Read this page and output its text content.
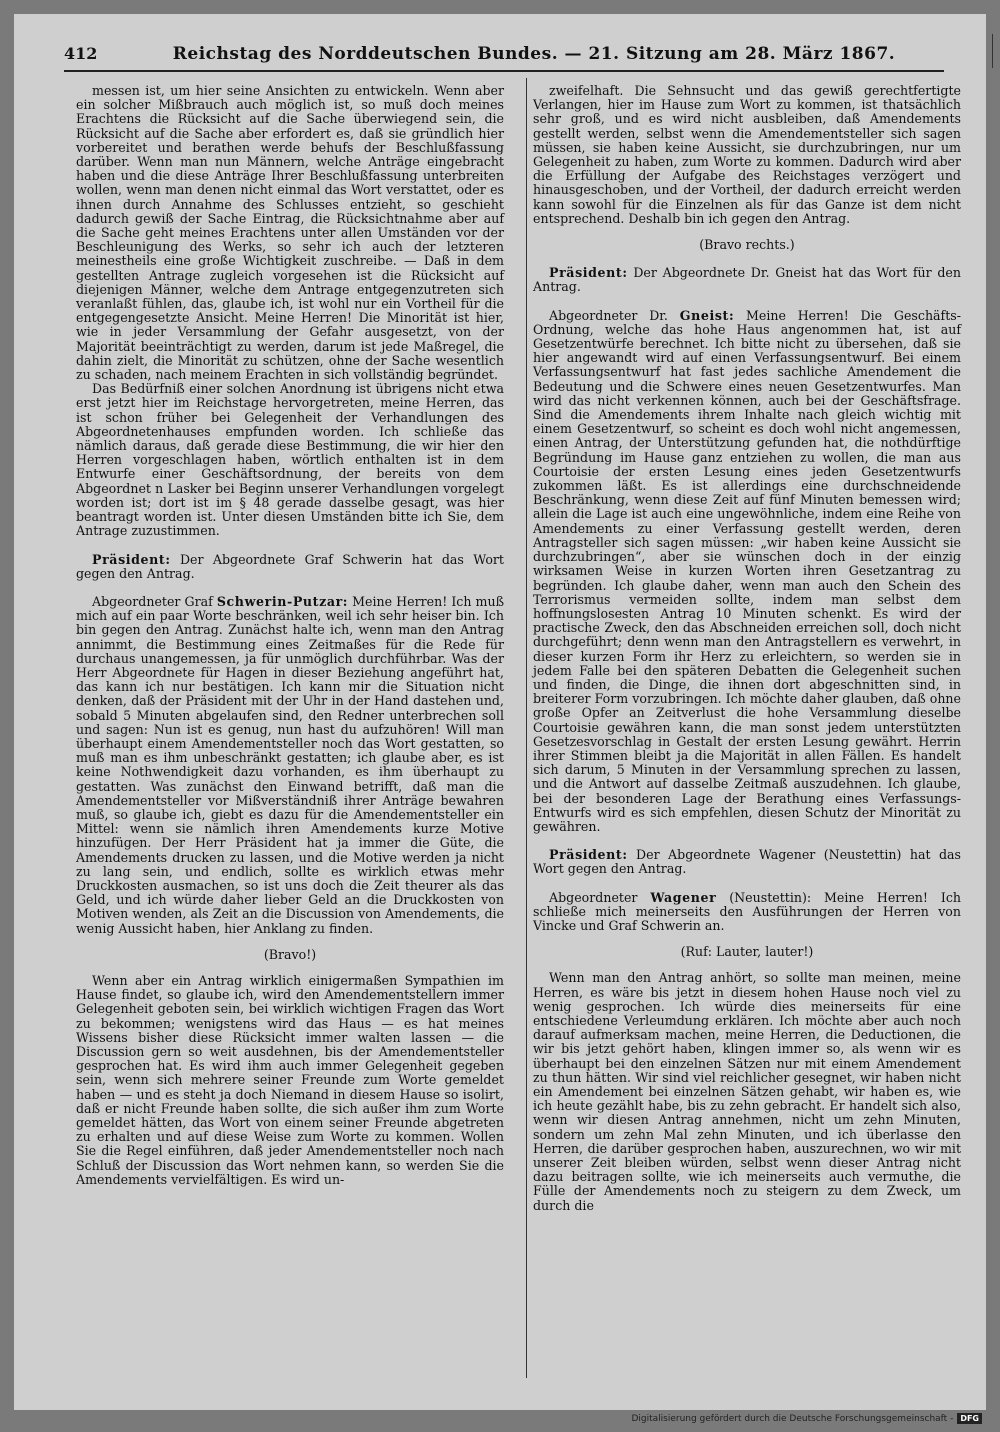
412	Reichstag des Norddeutschen Bundes. — 21. Sitzung am 28. März 1867.

messen ist, um hier seine Ansichten zu entwickeln. Wenn aber ein solcher Mißbrauch auch möglich ist, so muß doch meines Erachtens die Rücksicht auf die Sache überwiegend sein, die Rücksicht auf die Sache aber erfordert es, daß sie gründlich hier vorbereitet und berathen werde behufs der Beschlußfassung darüber. Wenn man nun Männern, welche Anträge eingebracht haben und die diese Anträge Ihrer Beschlußfassung unterbreiten wollen, wenn man denen nicht einmal das Wort verstattet, oder es ihnen durch Annahme des Schlusses entzieht, so geschieht dadurch gewiß der Sache Eintrag, die Rücksichtnahme aber auf die Sache geht meines Erachtens unter allen Umständen vor der Beschleunigung des Werks, so sehr ich auch der letzteren meinestheils eine große Wichtigkeit zuschreibe. — Daß in dem gestellten Antrage zugleich vorgesehen ist die Rücksicht auf diejenigen Männer, welche dem Antrage entgegenzutreten sich veranlaßt fühlen, das, glaube ich, ist wohl nur ein Vortheil für die entgegengesetzte Ansicht. Meine Herren! Die Minorität ist hier, wie in jeder Versammlung der Gefahr ausgesetzt, von der Majorität beeinträchtigt zu werden, darum ist jede Maßregel, die dahin zielt, die Minorität zu schützen, ohne der Sache wesentlich zu schaden, nach meinem Erachten in sich vollständig begründet.

Das Bedürfniß einer solchen Anordnung ist übrigens nicht etwa erst jetzt hier im Reichstage hervorgetreten, meine Herren, das ist schon früher bei Gelegenheit der Verhandlungen des Abgeordnetenhauses empfunden worden. Ich schließe das nämlich daraus, daß gerade diese Bestimmung, die wir hier den Herren vorgeschlagen haben, wörtlich enthalten ist in dem Entwurfe einer Geschäftsordnung, der bereits von dem Abgeordnet n Lasker bei Beginn unserer Verhandlungen vorgelegt worden ist; dort ist im § 48 gerade dasselbe gesagt, was hier beantragt worden ist. Unter diesen Umständen bitte ich Sie, dem Antrage zuzustimmen.

Präsident: Der Abgeordnete Graf Schwerin hat das Wort gegen den Antrag.

Abgeordneter Graf Schwerin-Putzar: Meine Herren! Ich muß mich auf ein paar Worte beschränken, weil ich sehr heiser bin. Ich bin gegen den Antrag. Zunächst halte ich, wenn man den Antrag annimmt, die Bestimmung eines Zeitmaßes für die Rede für durchaus unangemessen, ja für unmöglich durchführbar. Was der Herr Abgeordnete für Hagen in dieser Beziehung angeführt hat, das kann ich nur bestätigen. Ich kann mir die Situation nicht denken, daß der Präsident mit der Uhr in der Hand dastehen und, sobald 5 Minuten abgelaufen sind, den Redner unterbrechen soll und sagen: Nun ist es genug, nun hast du aufzuhören! Will man überhaupt einem Amendementsteller noch das Wort gestatten, so muß man es ihm unbeschränkt gestatten; ich glaube aber, es ist keine Nothwendigkeit dazu vorhanden, es ihm überhaupt zu gestatten. Was zunächst den Einwand betrifft, daß man die Amendementsteller vor Mißverständniß ihrer Anträge bewahren muß, so glaube ich, giebt es dazu für die Amendementsteller ein Mittel: wenn sie nämlich ihren Amendements kurze Motive hinzufügen. Der Herr Präsident hat ja immer die Güte, die Amendements drucken zu lassen, und die Motive werden ja nicht zu lang sein, und endlich, sollte es wirklich etwas mehr Druckkosten ausmachen, so ist uns doch die Zeit theurer als das Geld, und ich würde daher lieber Geld an die Druckkosten von Motiven wenden, als Zeit an die Discussion von Amendements, die wenig Aussicht haben, hier Anklang zu finden.

(Bravo!)

Wenn aber ein Antrag wirklich einigermaßen Sympathien im Hause findet, so glaube ich, wird den Amendementstellern immer Gelegenheit geboten sein, bei wirklich wichtigen Fragen das Wort zu bekommen; wenigstens wird das Haus — es hat meines Wissens bisher diese Rücksicht immer walten lassen — die Discussion gern so weit ausdehnen, bis der Amendementsteller gesprochen hat. Es wird ihm auch immer Gelegenheit gegeben sein, wenn sich mehrere seiner Freunde zum Worte gemeldet haben — und es steht ja doch Niemand in diesem Hause so isolirt, daß er nicht Freunde haben sollte, die sich außer ihm zum Worte gemeldet hätten, das Wort von einem seiner Freunde abgetreten zu erhalten und auf diese Weise zum Worte zu kommen. Wollen Sie die Regel einführen, daß jeder Amendementsteller noch nach Schluß der Discussion das Wort nehmen kann, so werden Sie die Amendements vervielfältigen. Es wird un-

zweifelhaft. Die Sehnsucht und das gewiß gerechtfertigte Verlangen, hier im Hause zum Wort zu kommen, ist thatsächlich sehr groß, und es wird nicht ausbleiben, daß Amendements gestellt werden, selbst wenn die Amendementsteller sich sagen müssen, sie haben keine Aussicht, sie durchzubringen, nur um Gelegenheit zu haben, zum Worte zu kommen. Dadurch wird aber die Erfüllung der Aufgabe des Reichstages verzögert und hinausgeschoben, und der Vortheil, der dadurch erreicht werden kann sowohl für die Einzelnen als für das Ganze ist dem nicht entsprechend. Deshalb bin ich gegen den Antrag.

(Bravo rechts.)

Präsident: Der Abgeordnete Dr. Gneist hat das Wort für den Antrag.

Abgeordneter Dr. Gneist: Meine Herren! Die Geschäfts-Ordnung, welche das hohe Haus angenommen hat, ist auf Gesetzentwürfe berechnet. Ich bitte nicht zu übersehen, daß sie hier angewandt wird auf einen Verfassungsentwurf. Bei einem Verfassungsentwurf hat fast jedes sachliche Amendement die Bedeutung und die Schwere eines neuen Gesetzentwurfes. Man wird das nicht verkennen können, auch bei der Geschäftsfrage. Sind die Amendements ihrem Inhalte nach gleich wichtig mit einem Gesetzentwurf, so scheint es doch wohl nicht angemessen, einen Antrag, der Unterstützung gefunden hat, die nothdürftige Begründung im Hause ganz entziehen zu wollen, die man aus Courtoisie der ersten Lesung eines jeden Gesetzentwurfs zukommen läßt. Es ist allerdings eine durchschneidende Beschränkung, wenn diese Zeit auf fünf Minuten bemessen wird; allein die Lage ist auch eine ungewöhnliche, indem eine Reihe von Amendements zu einer Verfassung gestellt werden, deren Antragsteller sich sagen müssen: „wir haben keine Aussicht sie durchzubringen“, aber sie wünschen doch in der einzig wirksamen Weise in kurzen Worten ihren Gesetzantrag zu begründen. Ich glaube daher, wenn man auch den Schein des Terrorismus vermeiden sollte, indem man selbst dem hoffnungslosesten Antrag 10 Minuten schenkt. Es wird der practische Zweck, den das Abschneiden erreichen soll, doch nicht durchgeführt; denn wenn man den Antragstellern es verwehrt, in dieser kurzen Form ihr Herz zu erleichtern, so werden sie in jedem Falle bei den späteren Debatten die Gelegenheit suchen und finden, die Dinge, die ihnen dort abgeschnitten sind, in breiterer Form vorzubringen. Ich möchte daher glauben, daß ohne große Opfer an Zeitverlust die hohe Versammlung dieselbe Courtoisie gewähren kann, die man sonst jedem unterstützten Gesetzesvorschlag in Gestalt der ersten Lesung gewährt. Herrin ihrer Stimmen bleibt ja die Majorität in allen Fällen. Es handelt sich darum, 5 Minuten in der Versammlung sprechen zu lassen, und die Antwort auf dasselbe Zeitmaß auszudehnen. Ich glaube, bei der besonderen Lage der Berathung eines Verfassungs-Entwurfs wird es sich empfehlen, diesen Schutz der Minorität zu gewähren.

Präsident: Der Abgeordnete Wagener (Neustettin) hat das Wort gegen den Antrag.

Abgeordneter Wagener (Neustettin): Meine Herren! Ich schließe mich meinerseits den Ausführungen der Herren von Vincke und Graf Schwerin an.

(Ruf: Lauter, lauter!)

Wenn man den Antrag anhört, so sollte man meinen, meine Herren, es wäre bis jetzt in diesem hohen Hause noch viel zu wenig gesprochen. Ich würde dies meinerseits für eine entschiedene Verleumdung erklären. Ich möchte aber auch noch darauf aufmerksam machen, meine Herren, die Deductionen, die wir bis jetzt gehört haben, klingen immer so, als wenn wir es überhaupt bei den einzelnen Sätzen nur mit einem Amendement zu thun hätten. Wir sind viel reichlicher gesegnet, wir haben nicht ein Amendement bei einzelnen Sätzen gehabt, wir haben es, wie ich heute gezählt habe, bis zu zehn gebracht. Er handelt sich also, wenn wir diesen Antrag annehmen, nicht um zehn Minuten, sondern um zehn Mal zehn Minuten, und ich überlasse den Herren, die darüber gesprochen haben, auszurechnen, wo wir mit unserer Zeit bleiben würden, selbst wenn dieser Antrag nicht dazu beitragen sollte, wie ich meinerseits auch vermuthe, die Fülle der Amendements noch zu steigern zu dem Zweck, um durch die

Digitalisierung gefördert durch die Deutsche Forschungsgemeinschaft - DFG
